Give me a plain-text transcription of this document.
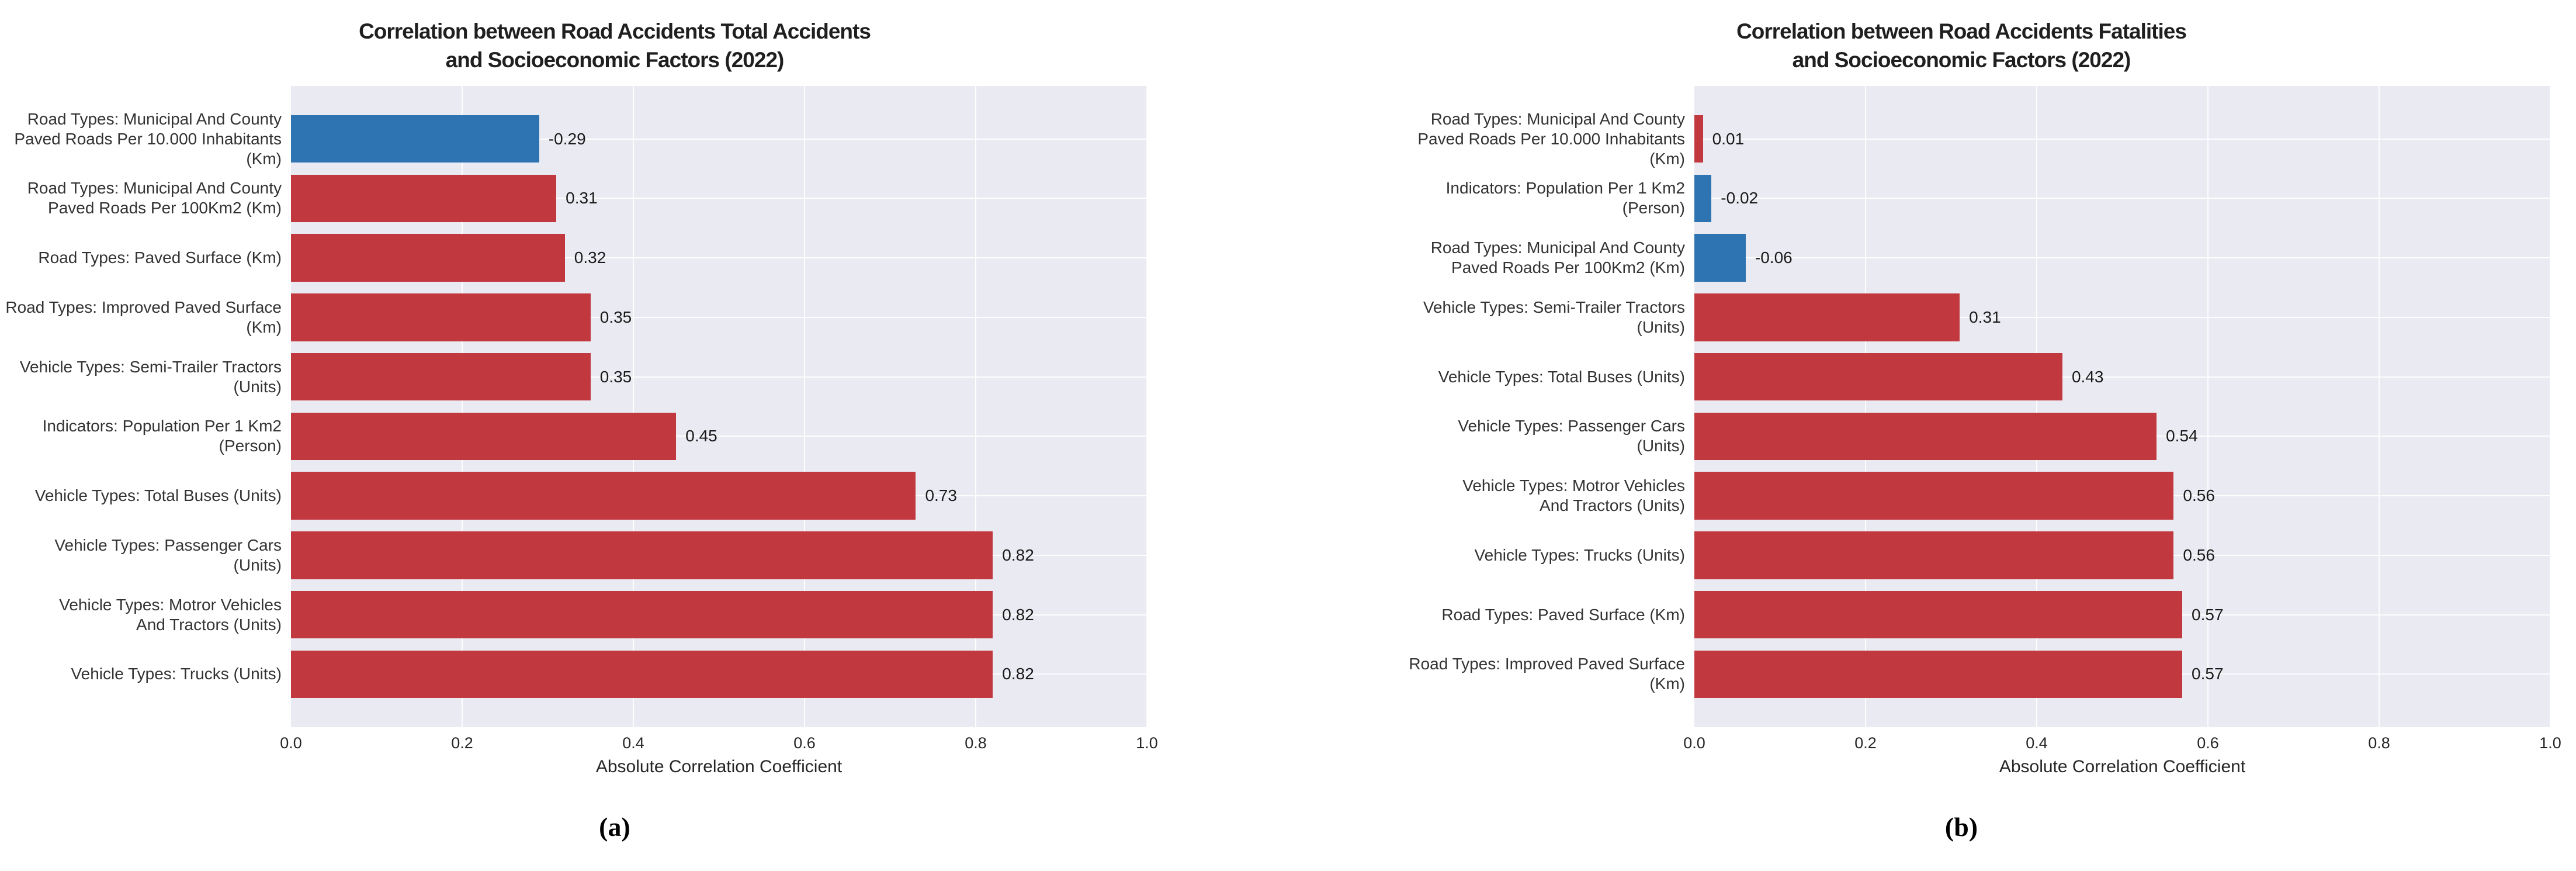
Correlation between Road Accidents Total Accidents
and Socioeconomic Factors (2022)
Absolute Correlation Coefficient
0.0	0.2	0.4	0.6	0.8	1.0
Road Types: Municipal And County
Paved Roads Per 10.000 Inhabitants (Km)
-0.29
Road Types: Municipal And County
Paved Roads Per 100Km2 (Km)
0.31
Road Types: Paved Surface (Km)	0.32
Road Types: Improved Paved Surface (Km)
0.35
Vehicle Types: Semi-Trailer Tractors (Units)
0.35
Indicators: Population Per 1 Km2 (Person)
0.45
Vehicle Types: Total Buses (Units)	0.73
Vehicle Types: Passenger Cars (Units)
0.82
Vehicle Types: Motror Vehicles
And Tractors (Units)
0.82
Vehicle Types: Trucks (Units)	0.82
(a)
Correlation between Road Accidents Fatalities
and Socioeconomic Factors (2022)
Absolute Correlation Coefficient
0.0	0.2	0.4	0.6	0.8	1.0
Road Types: Municipal And County
Paved Roads Per 10.000 Inhabitants (Km)
0.01
Indicators: Population Per 1 Km2 (Person)
-0.02
Road Types: Municipal And County
Paved Roads Per 100Km2 (Km)
-0.06
Vehicle Types: Semi-Trailer Tractors (Units)
0.31
Vehicle Types: Total Buses (Units)	0.43
Vehicle Types: Passenger Cars (Units)
0.54
Vehicle Types: Motror Vehicles
And Tractors (Units)
0.56
Vehicle Types: Trucks (Units)	0.56
Road Types: Paved Surface (Km)	0.57
Road Types: Improved Paved Surface (Km)
0.57
(b)
